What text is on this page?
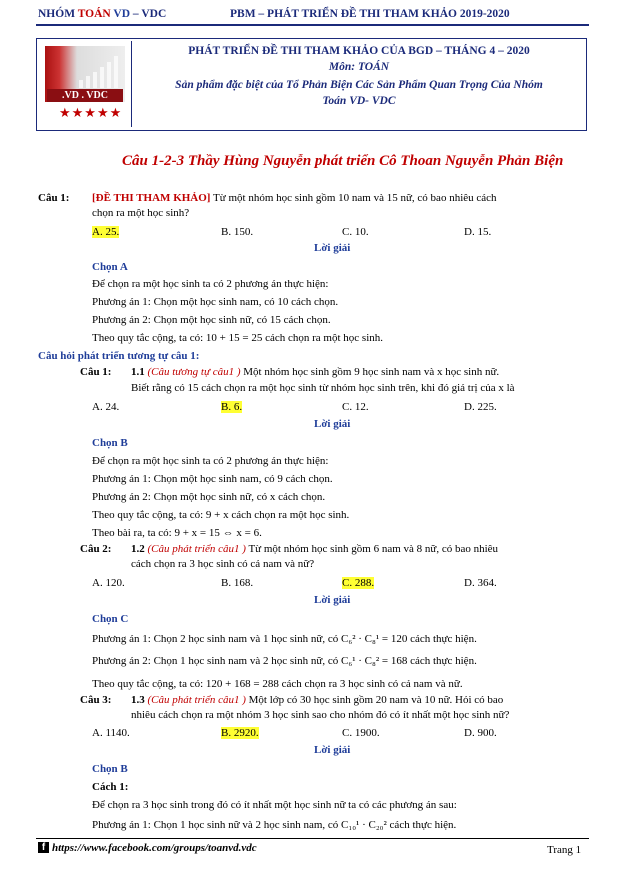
NHÓM TOÁN VD – VDC	PBM – PHÁT TRIỂN ĐỀ THI THAM KHẢO 2019-2020
.VD . VDC
★★★★★
PHÁT TRIỂN ĐỀ THI THAM KHẢO CỦA BGD – THÁNG 4 – 2020
Môn: TOÁN
Sản phẩm đặc biệt của Tổ Phản Biện Các Sản Phẩm Quan Trọng Của Nhóm
Toán VD- VDC
Câu 1-2-3 Thầy Hùng Nguyễn phát triển Cô Thoan Nguyễn Phản Biện
Câu 1: [ĐỀ THI THAM KHẢO] Từ một nhóm học sinh gồm 10 nam và 15 nữ, có bao nhiêu cách
chọn ra một học sinh?
A. 25.	B. 150.	C. 10.	D. 15.
Lời giải
Chọn A
Để chọn ra một học sinh ta có 2 phương án thực hiện:
Phương án 1: Chọn một học sinh nam, có 10 cách chọn.
Phương án 2: Chọn một học sinh nữ, có 15 cách chọn.
Theo quy tắc cộng, ta có: 10 + 15 = 25 cách chọn ra một học sinh.
Câu hỏi phát triển tương tự câu 1:
Câu 1: 1.1 (Câu tương tự câu1 ) Một nhóm học sinh gồm 9 học sinh nam và x học sinh nữ.
Biết rằng có 15 cách chọn ra một học sinh từ nhóm học sinh trên, khi đó giá trị của x là
A. 24.	B. 6.	C. 12.	D. 225.
Lời giải
Chọn B
Để chọn ra một học sinh ta có 2 phương án thực hiện:
Phương án 1: Chọn một học sinh nam, có 9 cách chọn.
Phương án 2: Chọn một học sinh nữ, có x cách chọn.
Theo quy tắc cộng, ta có: 9 + x cách chọn ra một học sinh.
Theo bài ra, ta có: 9 + x = 15 ⇔ x = 6.
Câu 2: 1.2 (Câu phát triển câu1 ) Từ một nhóm học sinh gồm 6 nam và 8 nữ, có bao nhiêu
cách chọn ra 3 học sinh có cả nam và nữ?
A. 120.	B. 168.	C. 288.	D. 364.
Lời giải
Chọn C
Phương án 1: Chọn 2 học sinh nam và 1 học sinh nữ, có C₆² · C₈¹ = 120 cách thực hiện.
Phương án 2: Chọn 1 học sinh nam và 2 học sinh nữ, có C₆¹ · C₈² = 168 cách thực hiện.
Theo quy tắc cộng, ta có: 120 + 168 = 288 cách chọn ra 3 học sinh có cả nam và nữ.
Câu 3: 1.3 (Câu phát triển câu1 ) Một lớp có 30 học sinh gồm 20 nam và 10 nữ. Hỏi có bao
nhiêu cách chọn ra một nhóm 3 học sinh sao cho nhóm đó có ít nhất một học sinh nữ?
A. 1140.	B. 2920.	C. 1900.	D. 900.
Lời giải
Chọn B
Cách 1:
Để chọn ra 3 học sinh trong đó có ít nhất một học sinh nữ ta có các phương án sau:
Phương án 1: Chọn 1 học sinh nữ và 2 học sinh nam, có C₁₀¹ · C₂₀² cách thực hiện.
f https://www.facebook.com/groups/toanvd.vdc	Trang 1
